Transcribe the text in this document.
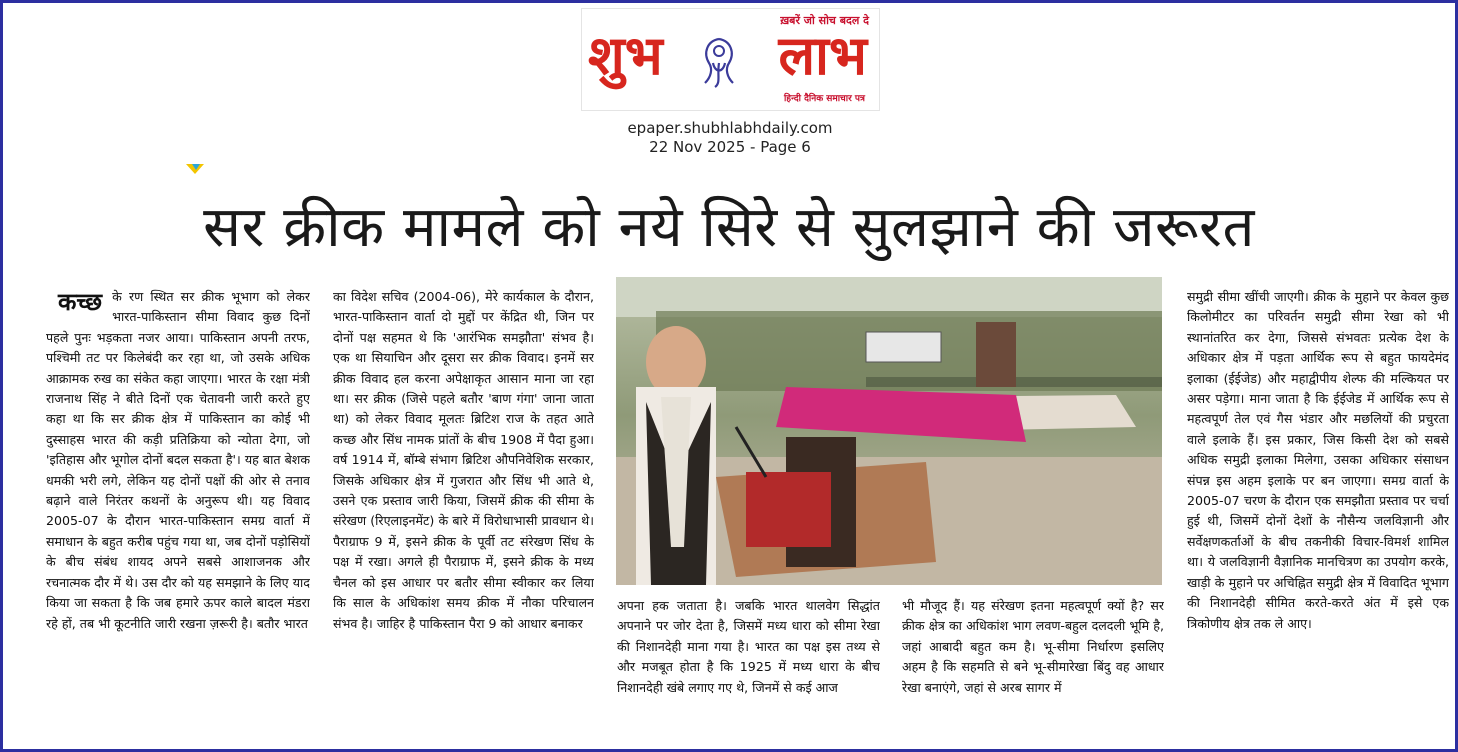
ख़बरें जो सोच बदल दे
शुभ लाभ
हिन्दी दैनिक समाचार पत्र
epaper.shubhlabhdaily.com
22 Nov 2025 - Page 6
सर क्रीक मामले को नये सिरे से सुलझाने की जरूरत
कच्छ के रण स्थित सर क्रीक भूभाग को लेकर भारत-पाकिस्तान सीमा विवाद कुछ दिनों पहले पुनः भड़कता नजर आया। पाकिस्तान अपनी तरफ, पश्चिमी तट पर किलेबंदी कर रहा था, जो उसके अधिक आक्रामक रुख का संकेत कहा जाएगा। भारत के रक्षा मंत्री राजनाथ सिंह ने बीते दिनों एक चेतावनी जारी करते हुए कहा था कि सर क्रीक क्षेत्र में पाकिस्तान का कोई भी दुस्साहस भारत की कड़ी प्रतिक्रिया को न्योता देगा, जो 'इतिहास और भूगोल दोनों बदल सकता है'। यह बात बेशक धमकी भरी लगे, लेकिन यह दोनों पक्षों की ओर से तनाव बढ़ाने वाले निरंतर कथनों के अनुरूप थी। यह विवाद 2005-07 के दौरान भारत-पाकिस्तान समग्र वार्ता में समाधान के बहुत करीब पहुंच गया था, जब दोनों पड़ोसियों के बीच संबंध शायद अपने सबसे आशाजनक और रचनात्मक दौर में थे। उस दौर को यह समझाने के लिए याद किया जा सकता है कि जब हमारे ऊपर काले बादल मंडरा रहे हों, तब भी कूटनीति जारी रखना ज़रूरी है। बतौर भारत
का विदेश सचिव (2004-06), मेरे कार्यकाल के दौरान, भारत-पाकिस्तान वार्ता दो मुद्दों पर केंद्रित थी, जिन पर दोनों पक्ष सहमत थे कि 'आरंभिक समझौता' संभव है। एक था सियाचिन और दूसरा सर क्रीक विवाद। इनमें सर क्रीक विवाद हल करना अपेक्षाकृत आसान माना जा रहा था। सर क्रीक (जिसे पहले बतौर 'बाण गंगा' जाना जाता था) को लेकर विवाद मूलतः ब्रिटिश राज के तहत आते कच्छ और सिंध नामक प्रांतों के बीच 1908 में पैदा हुआ। वर्ष 1914 में, बॉम्बे संभाग ब्रिटिश औपनिवेशिक सरकार, जिसके अधिकार क्षेत्र में गुजरात और सिंध भी आते थे, उसने एक प्रस्ताव जारी किया, जिसमें क्रीक की सीमा के संरेखण (रिएलाइनमेंट) के बारे में विरोधाभासी प्रावधान थे। पैराग्राफ 9 में, इसने क्रीक के पूर्वी तट संरेखण सिंध के पक्ष में रखा। अगले ही पैराग्राफ में, इसने क्रीक के मध्य चैनल को इस आधार पर बतौर सीमा स्वीकार कर लिया कि साल के अधिकांश समय क्रीक में नौका परिचालन संभव है। जाहिर है पाकिस्तान पैरा 9 को आधार बनाकर
अपना हक जताता है। जबकि भारत थालवेग सिद्धांत अपनाने पर जोर देता है, जिसमें मध्य धारा को सीमा रेखा की निशानदेही माना गया है। भारत का पक्ष इस तथ्य से और मजबूत होता है कि 1925 में मध्य धारा के बीच निशानदेही खंबे लगाए गए थे, जिनमें से कई आज
भी मौजूद हैं। यह संरेखण इतना महत्वपूर्ण क्यों है? सर क्रीक क्षेत्र का अधिकांश भाग लवण-बहुल दलदली भूमि है, जहां आबादी बहुत कम है। भू-सीमा निर्धारण इसलिए अहम है कि सहमति से बने भू-सीमारेखा बिंदु वह आधार रेखा बनाएंगे, जहां से अरब सागर में
समुद्री सीमा खींची जाएगी। क्रीक के मुहाने पर केवल कुछ किलोमीटर का परिवर्तन समुद्री सीमा रेखा को भी स्थानांतरित कर देगा, जिससे संभवतः प्रत्येक देश के अधिकार क्षेत्र में पड़ता आर्थिक रूप से बहुत फायदेमंद इलाका (ईईजेड) और महाद्वीपीय शेल्फ की मल्कियत पर असर पड़ेगा। माना जाता है कि ईईजेड में आर्थिक रूप से महत्वपूर्ण तेल एवं गैस भंडार और मछलियों की प्रचुरता वाले इलाके हैं। इस प्रकार, जिस किसी देश को सबसे अधिक समुद्री इलाका मिलेगा, उसका अधिकार संसाधन संपन्न इस अहम इलाके पर बन जाएगा। समग्र वार्ता के 2005-07 चरण के दौरान एक समझौता प्रस्ताव पर चर्चा हुई थी, जिसमें दोनों देशों के नौसैन्य जलविज्ञानी और सर्वेक्षणकर्ताओं के बीच तकनीकी विचार-विमर्श शामिल था। ये जलविज्ञानी वैज्ञानिक मानचित्रण का उपयोग करके, खाड़ी के मुहाने पर अचिह्नित समुद्री क्षेत्र में विवादित भूभाग की निशानदेही सीमित करते-करते अंत में इसे एक त्रिकोणीय क्षेत्र तक ले आए।
